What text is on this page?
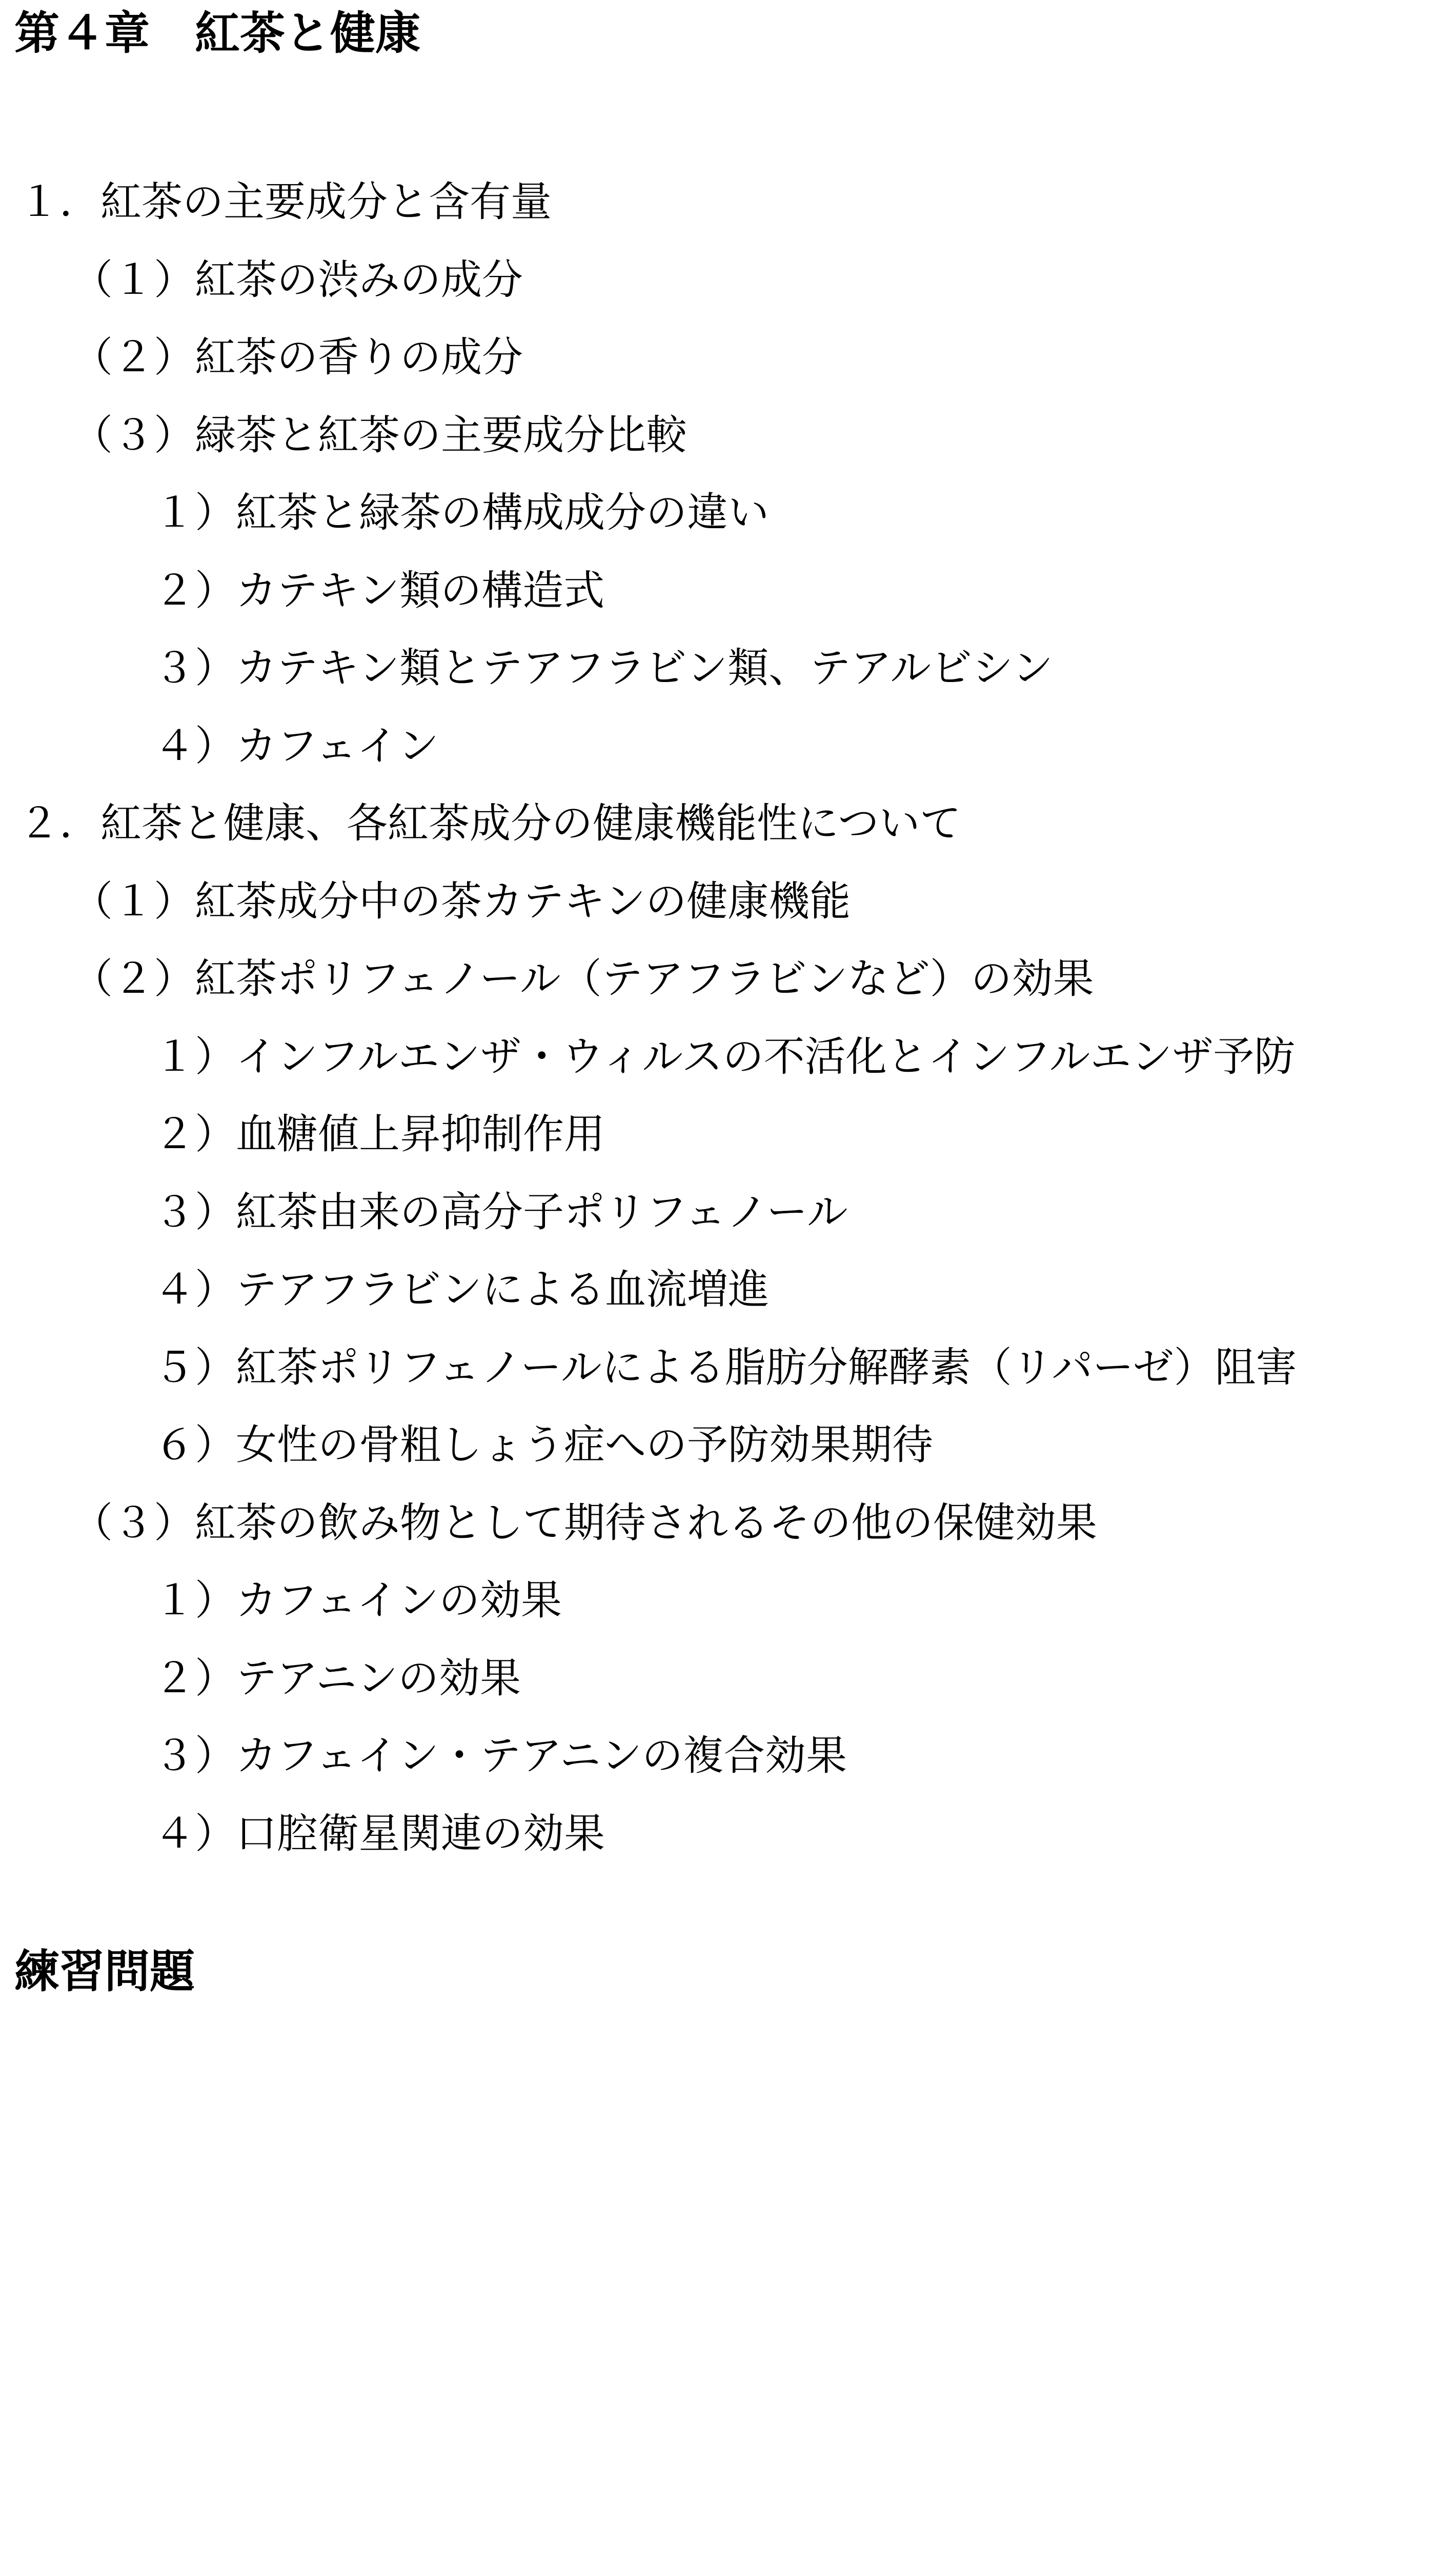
第４章　紅茶と健康
１．紅茶の主要成分と含有量
（１）紅茶の渋みの成分
（２）紅茶の香りの成分
（３）緑茶と紅茶の主要成分比較
１）紅茶と緑茶の構成成分の違い
２）カテキン類の構造式
３）カテキン類とテアフラビン類、テアルビシン
４）カフェイン
２．紅茶と健康、各紅茶成分の健康機能性について
（１）紅茶成分中の茶カテキンの健康機能
（２）紅茶ポリフェノール（テアフラビンなど）の効果
１）インフルエンザ・ウィルスの不活化とインフルエンザ予防
２）血糖値上昇抑制作用
３）紅茶由来の高分子ポリフェノール
４）テアフラビンによる血流増進
５）紅茶ポリフェノールによる脂肪分解酵素（リパーゼ）阻害
６）女性の骨粗しょう症への予防効果期待
（３）紅茶の飲み物として期待されるその他の保健効果
１）カフェインの効果
２）テアニンの効果
３）カフェイン・テアニンの複合効果
４）口腔衛星関連の効果
練習問題
